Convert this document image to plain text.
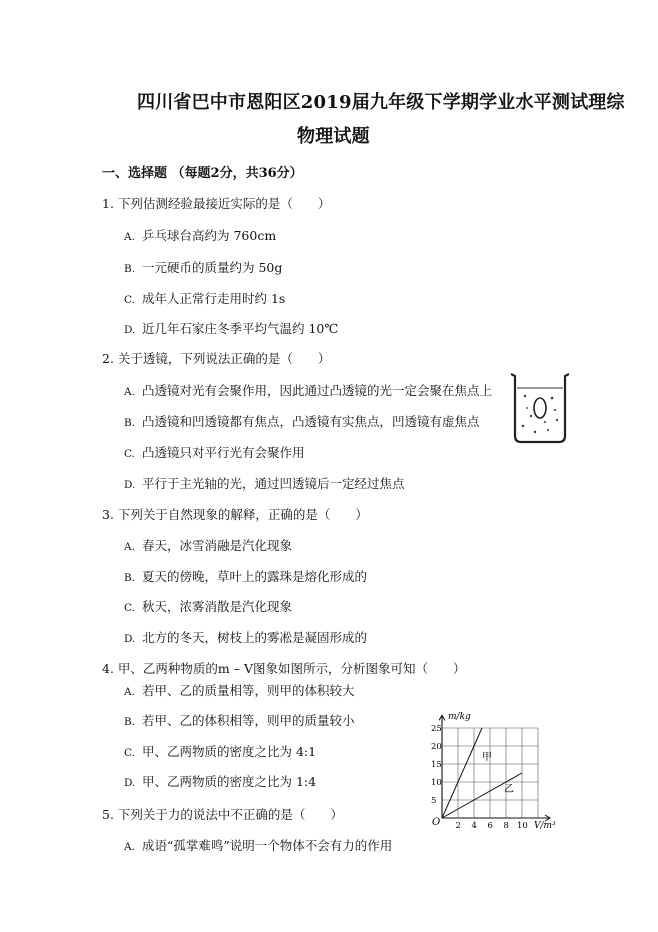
四川省巴中市恩阳区2019届九年级下学期学业水平测试理综
物理试题
一、选择题 （每题2分，共36分）
1. 下列估测经验最接近实际的是（　　）
A. 乒乓球台高约为 760cm
B. 一元硬币的质量约为 50g
C. 成年人正常行走用时约 1s
D. 近几年石家庄冬季平均气温约 10℃
2. 关于透镜，下列说法正确的是（　　）
A. 凸透镜对光有会聚作用，因此通过凸透镜的光一定会聚在焦点上
B. 凸透镜和凹透镜都有焦点，凸透镜有实焦点，凹透镜有虚焦点
C. 凸透镜只对平行光有会聚作用
D. 平行于主光轴的光，通过凹透镜后一定经过焦点
3. 下列关于自然现象的解释，正确的是（　　）
A. 春天，冰雪消融是汽化现象
B. 夏天的傍晚，草叶上的露珠是熔化形成的
C. 秋天，浓雾消散是汽化现象
D. 北方的冬天，树枝上的雾凇是凝固形成的
4. 甲、乙两种物质的m – V图象如图所示，分析图象可知（　　）
A. 若甲、乙的质量相等，则甲的体积较大
B. 若甲、乙的体积相等，则甲的质量较小
C. 甲、乙两物质的密度之比为 4:1
D. 甲、乙两物质的密度之比为 1:4
5
10
15
20
25
2 4 6 8 10
m/kg
V/m³
O
甲
乙
5. 下列关于力的说法中不正确的是（　　）
A. 成语“孤掌难鸣”说明一个物体不会有力的作用
